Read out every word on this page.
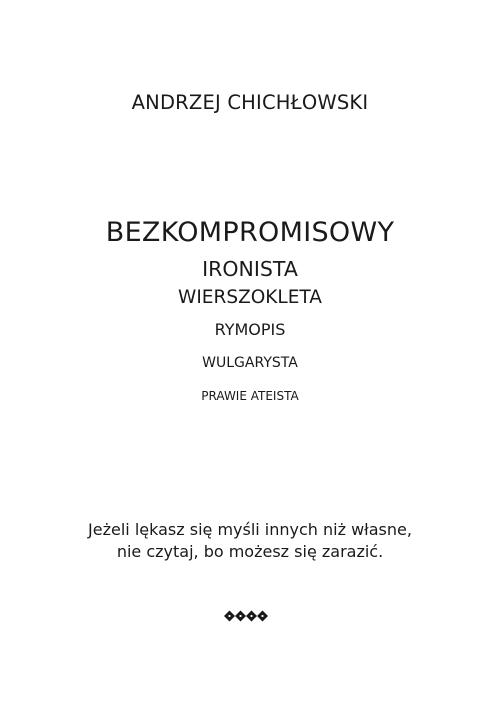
ANDRZEJ CHICHŁOWSKI
BEZKOMPROMISOWY
IRONISTA
WIERSZOKLETA
RYMOPIS
WULGARYSTA
PRAWIE ATEISTA
Jeżeli lękasz się myśli innych niż własne,
nie czytaj, bo możesz się zarazić.
